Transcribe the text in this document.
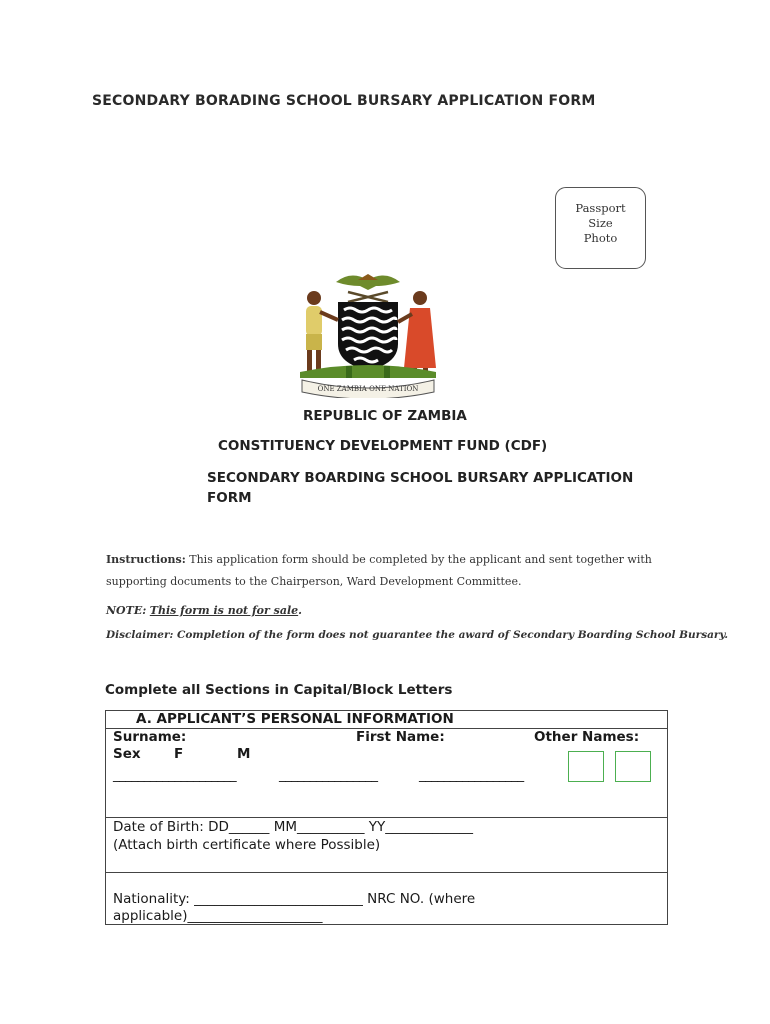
SECONDARY BORADING SCHOOL BURSARY APPLICATION FORM
Passport
Size
Photo
ONE ZAMBIA ONE NATION
REPUBLIC OF ZAMBIA
CONSTITUENCY DEVELOPMENT FUND (CDF)
SECONDARY BOARDING SCHOOL BURSARY APPLICATION
FORM
Instructions: This application form should be completed by the applicant and sent together with supporting documents to the Chairperson, Ward Development Committee.
NOTE: This form is not for sale.
Disclaimer: Completion of the form does not guarantee the award of Secondary Boarding School Bursary.
Complete all Sections in Capital/Block Letters
A. APPLICANT’S PERSONAL INFORMATION
Surname:	First Name:	Other Names:
Sex F	M
____________________	________________	_________________
Date of Birth: DD______ MM__________ YY_____________
(Attach birth certificate where Possible)
Nationality: _________________________ NRC NO. (where
applicable)____________________
